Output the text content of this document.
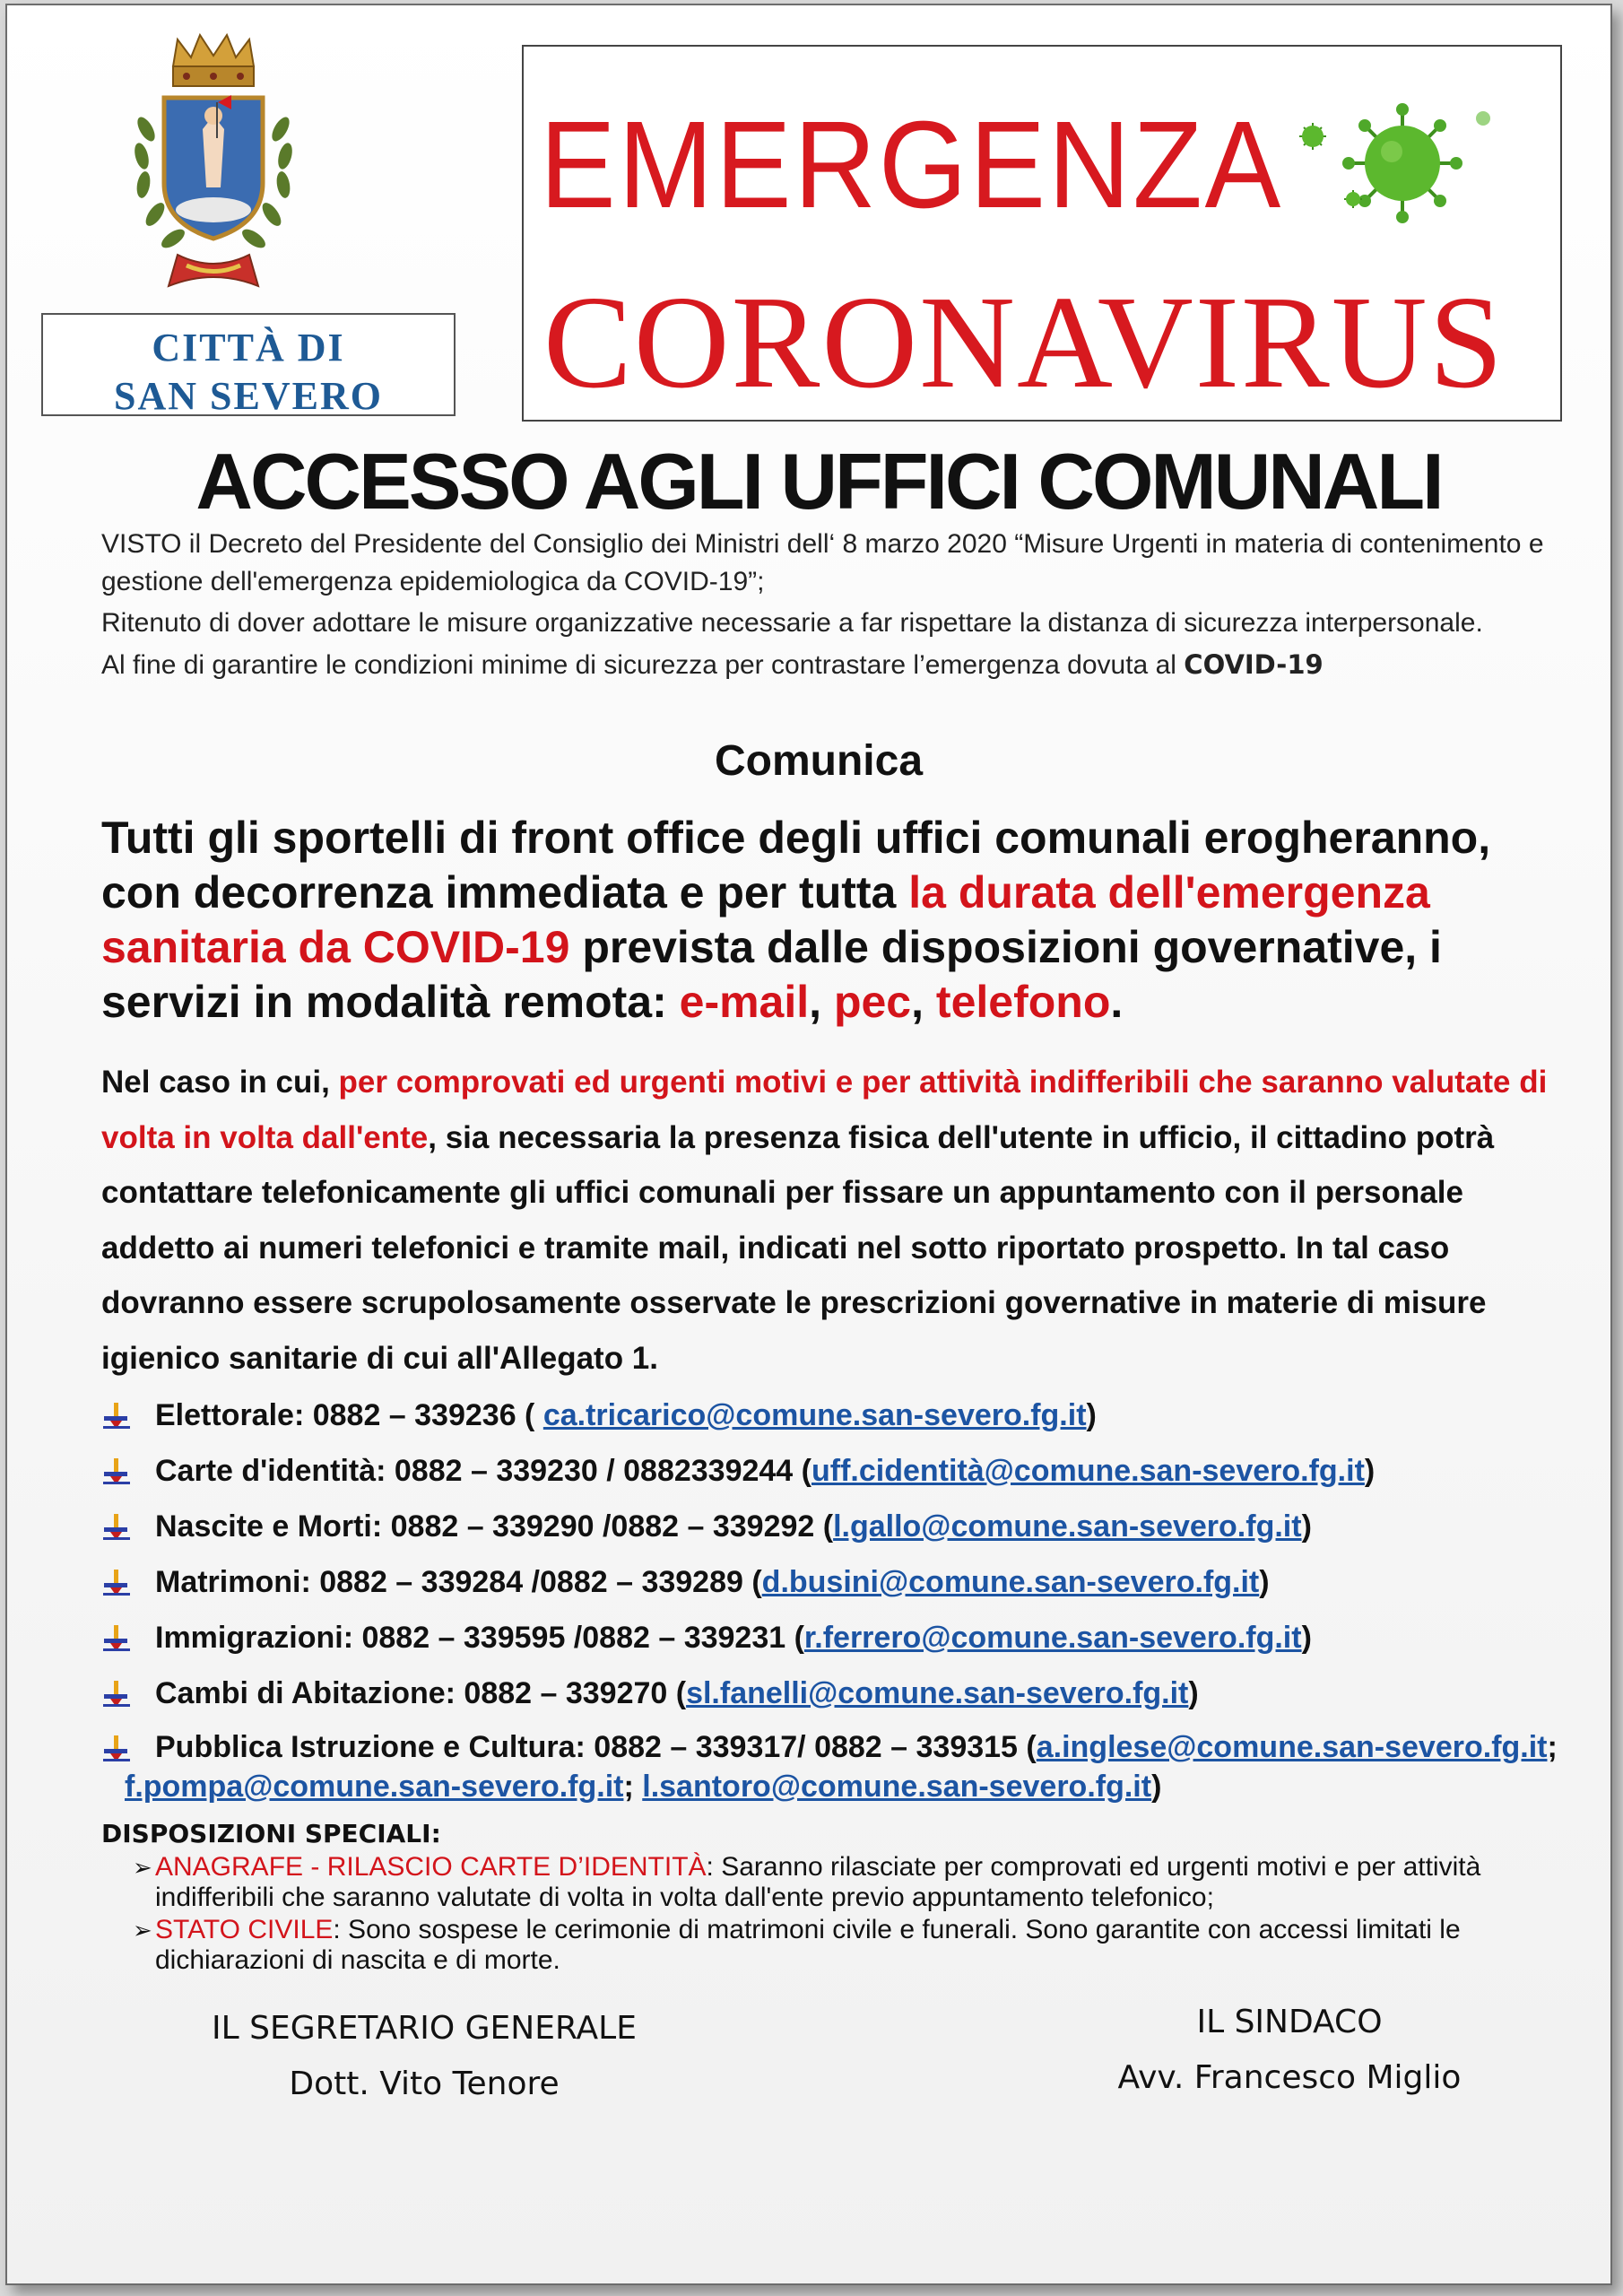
CITTÀ DI
SAN SEVERO
EMERGENZA
CORONAVIRUS
ACCESSO AGLI UFFICI COMUNALI

VISTO il Decreto del Presidente del Consiglio dei Ministri dell‘ 8 marzo 2020 “Misure Urgenti in materia di contenimento e gestione dell'emergenza epidemiologica da COVID-19”;

Ritenuto di dover adottare le misure organizzative necessarie a far rispettare la distanza di sicurezza interpersonale.

Al fine di garantire le condizioni minime di sicurezza per contrastare l’emergenza dovuta al COVID-19

Comunica
Tutti gli sportelli di front office degli uffici comunali erogheranno, con decorrenza immediata e per tutta la durata dell'emergenza sanitaria da COVID-19 prevista dalle disposizioni governative, i servizi in modalità remota: e-mail, pec, telefono.
Nel caso in cui, per comprovati ed urgenti motivi e per attività indifferibili che saranno valutate di volta in volta dall'ente, sia necessaria la presenza fisica dell'utente in ufficio, il cittadino potrà contattare telefonicamente gli uffici comunali per fissare un appuntamento con il personale addetto ai numeri telefonici e tramite mail, indicati nel sotto riportato prospetto. In tal caso dovranno essere scrupolosamente osservate le prescrizioni governative in materie di misure igienico sanitarie di cui all'Allegato 1.
Elettorale: 0882 – 339236 ( ca.tricarico@comune.san-severo.fg.it)
Carte d'identità: 0882 – 339230 / 0882339244 (uff.cidentità@comune.san-severo.fg.it)
Nascite e Morti: 0882 – 339290 /0882 – 339292 (l.gallo@comune.san-severo.fg.it)
Matrimoni: 0882 – 339284 /0882 – 339289 (d.busini@comune.san-severo.fg.it)
Immigrazioni: 0882 – 339595 /0882 – 339231 (r.ferrero@comune.san-severo.fg.it)
Cambi di Abitazione: 0882 – 339270 (sl.fanelli@comune.san-severo.fg.it)
Pubblica Istruzione e Cultura: 0882 – 339317/ 0882 – 339315 (a.inglese@comune.san-severo.fg.it;
f.pompa@comune.san-severo.fg.it; l.santoro@comune.san-severo.fg.it)
DISPOSIZIONI SPECIALI:
➢ ANAGRAFE - RILASCIO CARTE D’IDENTITÀ: Saranno rilasciate per comprovati ed urgenti motivi e per attività indifferibili che saranno valutate di volta in volta dall'ente previo appuntamento telefonico;
➢ STATO CIVILE: Sono sospese le cerimonie di matrimoni civile e funerali. Sono garantite con accessi limitati le dichiarazioni di nascita e di morte.
IL SEGRETARIO GENERALE
Dott. Vito Tenore
IL SINDACO
Avv. Francesco Miglio
